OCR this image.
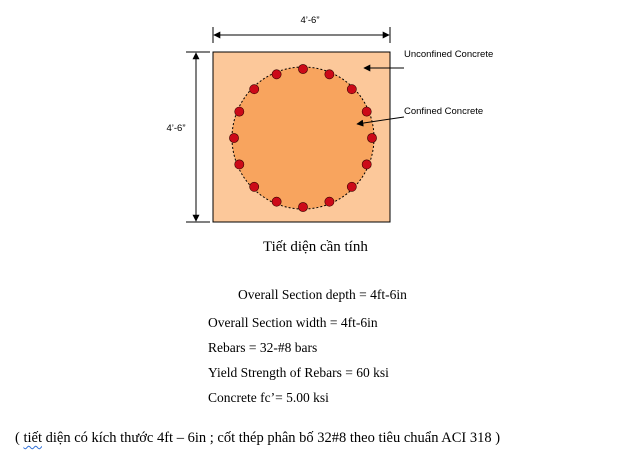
4’-6”
4’-6”
Unconfined Concrete
Confined Concrete
Tiết diện cần tính
Overall Section depth = 4ft-6in
Overall Section width = 4ft-6in
Rebars = 32-#8 bars
Yield Strength of Rebars = 60 ksi
Concrete fc’= 5.00 ksi
( tiết diện có kích thước 4ft – 6in ; cốt thép phân bố 32#8 theo tiêu chuẩn ACI 318 )
